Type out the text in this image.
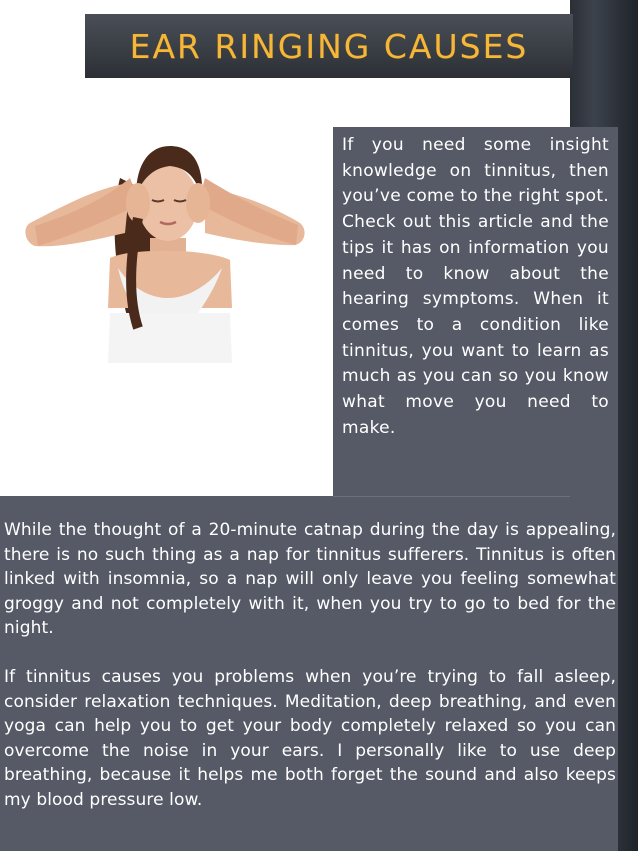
EAR RINGING CAUSES
If you need some insight knowledge on tinnitus, then you’ve come to the right spot. Check out this article and the tips it has on information you need to know about the hearing symptoms. When it comes to a condition like tinnitus, you want to learn as much as you can so you know what move you need to make.

While the thought of a 20-minute catnap during the day is appealing, there is no such thing as a nap for tinnitus sufferers. Tinnitus is often linked with insomnia, so a nap will only leave you feeling somewhat groggy and not completely with it, when you try to go to bed for the night.

If tinnitus causes you problems when you’re trying to fall asleep, consider relaxation techniques. Meditation, deep breathing, and even yoga can help you to get your body completely relaxed so you can overcome the noise in your ears. I personally like to use deep breathing, because it helps me both forget the sound and also keeps my blood pressure low.
